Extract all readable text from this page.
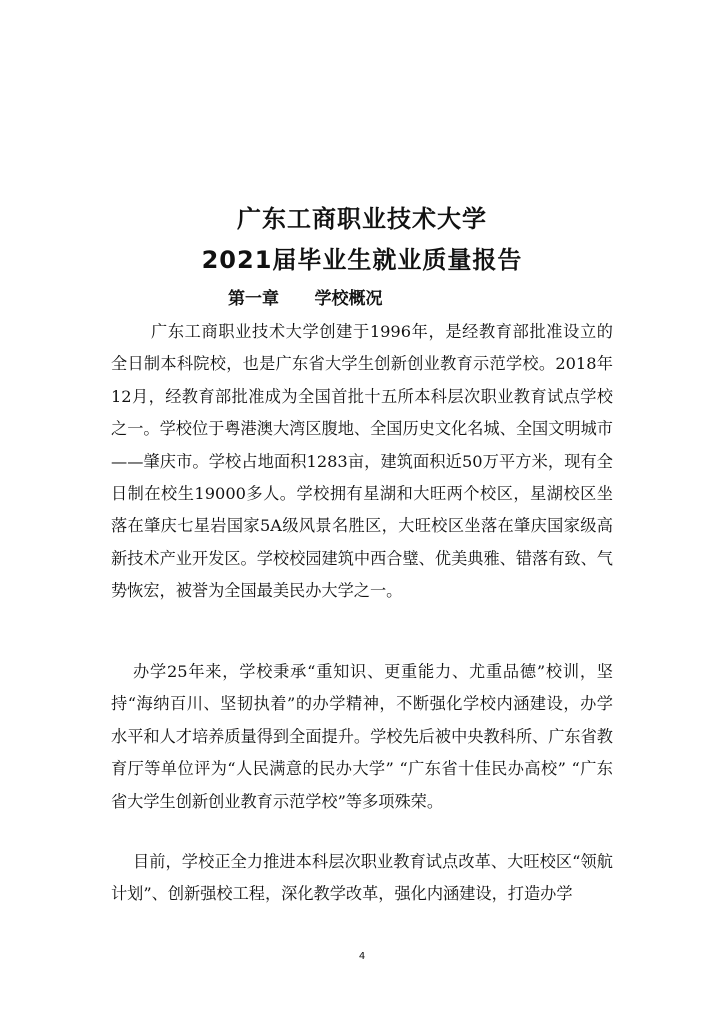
广东工商职业技术大学
2021届毕业生就业质量报告
第一章      学校概况

广东工商职业技术大学创建于1996年，是经教育部批准设立的全日制本科院校，也是广东省大学生创新创业教育示范学校。2018年12月，经教育部批准成为全国首批十五所本科层次职业教育试点学校之一。学校位于粤港澳大湾区腹地、全国历史文化名城、全国文明城市——肇庆市。学校占地面积1283亩，建筑面积近50万平方米，现有全日制在校生19000多人。学校拥有星湖和大旺两个校区，星湖校区坐落在肇庆七星岩国家5A级风景名胜区，大旺校区坐落在肇庆国家级高新技术产业开发区。学校校园建筑中西合璧、优美典雅、错落有致、气势恢宏，被誉为全国最美民办大学之一。

办学25年来，学校秉承“重知识、更重能力、尤重品德”校训，坚持“海纳百川、坚韧执着”的办学精神，不断强化学校内涵建设，办学水平和人才培养质量得到全面提升。学校先后被中央教科所、广东省教育厅等单位评为“人民满意的民办大学” “广东省十佳民办高校” “广东省大学生创新创业教育示范学校”等多项殊荣。

目前，学校正全力推进本科层次职业教育试点改革、大旺校区“领航计划”、创新强校工程，深化教学改革，强化内涵建设，打造办学

4
